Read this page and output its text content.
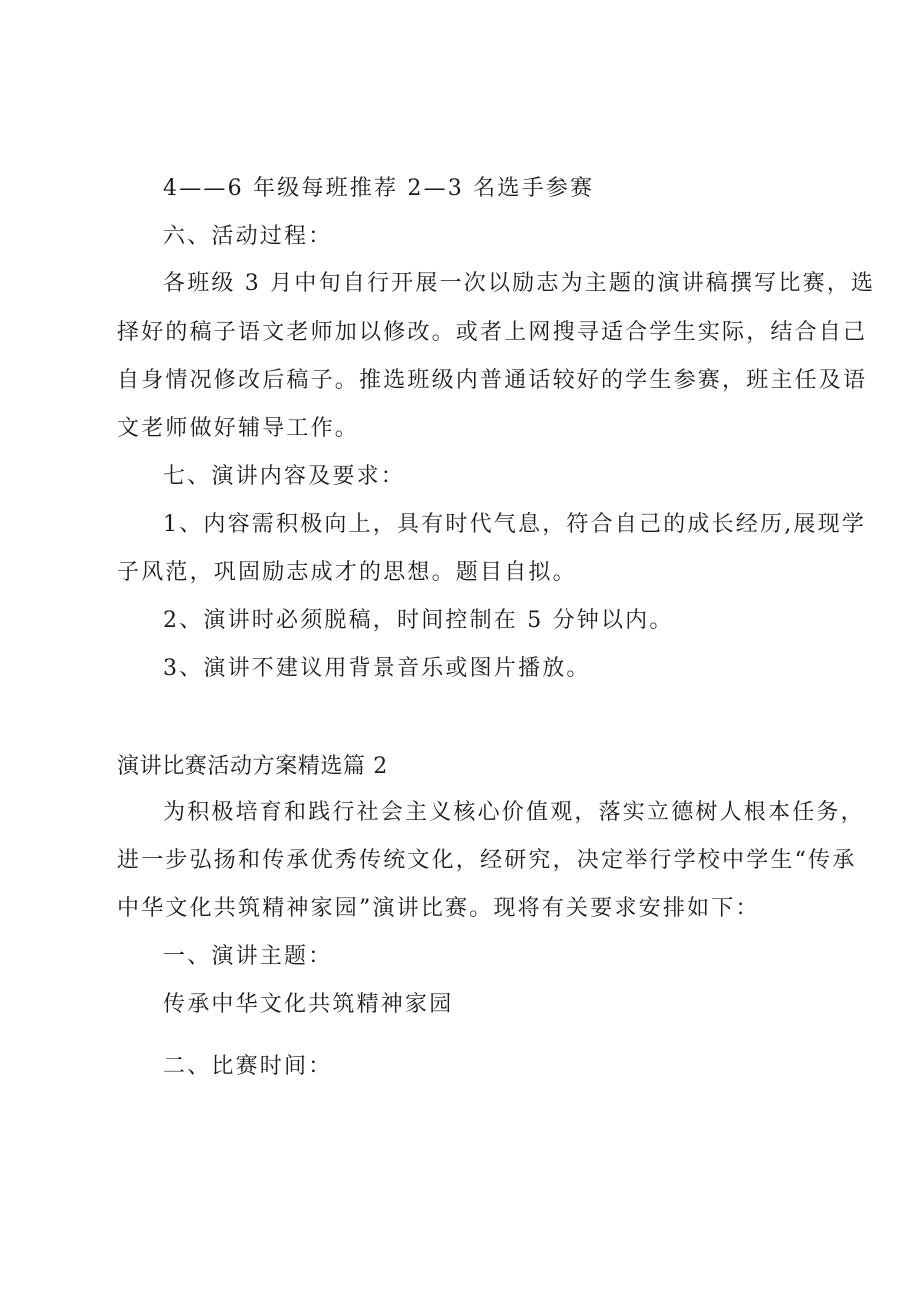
4——6 年级每班推荐 2—3 名选手参赛
六、活动过程：
各班级 3 月中旬自行开展一次以励志为主题的演讲稿撰写比赛，选
择好的稿子语文老师加以修改。或者上网搜寻适合学生实际，结合自己
自身情况修改后稿子。推选班级内普通话较好的学生参赛，班主任及语
文老师做好辅导工作。
七、演讲内容及要求：
1、内容需积极向上，具有时代气息，符合自己的成长经历,展现学
子风范，巩固励志成才的思想。题目自拟。
2、演讲时必须脱稿，时间控制在 5 分钟以内。
3、演讲不建议用背景音乐或图片播放。
演讲比赛活动方案精选篇 2
为积极培育和践行社会主义核心价值观，落实立德树人根本任务，
进一步弘扬和传承优秀传统文化，经研究，决定举行学校中学生“传承
中华文化共筑精神家园”演讲比赛。现将有关要求安排如下：
一、演讲主题：
传承中华文化共筑精神家园
二、比赛时间：
